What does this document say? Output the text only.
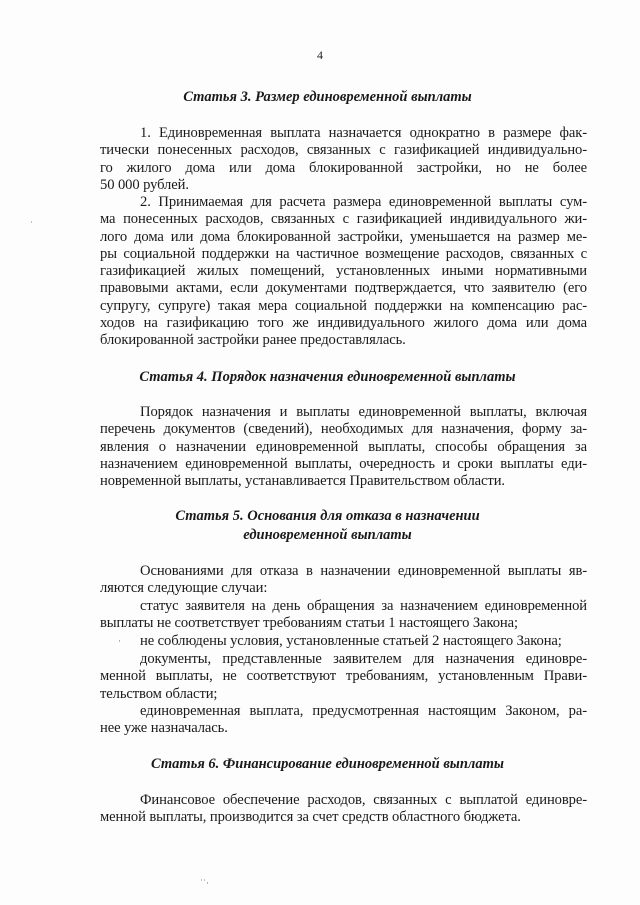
4
Статья 3. Размер единовременной выплаты

1. Единовременная выплата назначается однократно в размере фак-
тически понесенных расходов, связанных с газификацией индивидуально-
го жилого дома или дома блокированной застройки, но не более
50 000 рублей.

2. Принимаемая для расчета размера единовременной выплаты сум-
ма понесенных расходов, связанных с газификацией индивидуального жи-
лого дома или дома блокированной застройки, уменьшается на размер ме-
ры социальной поддержки на частичное возмещение расходов, связанных с
газификацией жилых помещений, установленных иными нормативными
правовыми актами, если документами подтверждается, что заявителю (его
супругу, супруге) такая мера социальной поддержки на компенсацию рас-
ходов на газификацию того же индивидуального жилого дома или дома
блокированной застройки ранее предоставлялась.

Статья 4. Порядок назначения единовременной выплаты

Порядок назначения и выплаты единовременной выплаты, включая
перечень документов (сведений), необходимых для назначения, форму за-
явления о назначении единовременной выплаты, способы обращения за
назначением единовременной выплаты, очередность и сроки выплаты еди-
новременной выплаты, устанавливается Правительством области.

Статья 5. Основания для отказа в назначении
единовременной выплаты

Основаниями для отказа в назначении единовременной выплаты яв-
ляются следующие случаи:

статус заявителя на день обращения за назначением единовременной
выплаты не соответствует требованиям статьи 1 настоящего Закона;

не соблюдены условия, установленные статьей 2 настоящего Закона;

документы, представленные заявителем для назначения единовре-
менной выплаты, не соответствуют требованиям, установленным Прави-
тельством области;

единовременная выплата, предусмотренная настоящим Законом, ра-
нее уже назначалась.

Статья 6. Финансирование единовременной выплаты

Финансовое обеспечение расходов, связанных с выплатой единовре-
менной выплаты, производится за счет средств областного бюджета.

˙
·
˙˙·
